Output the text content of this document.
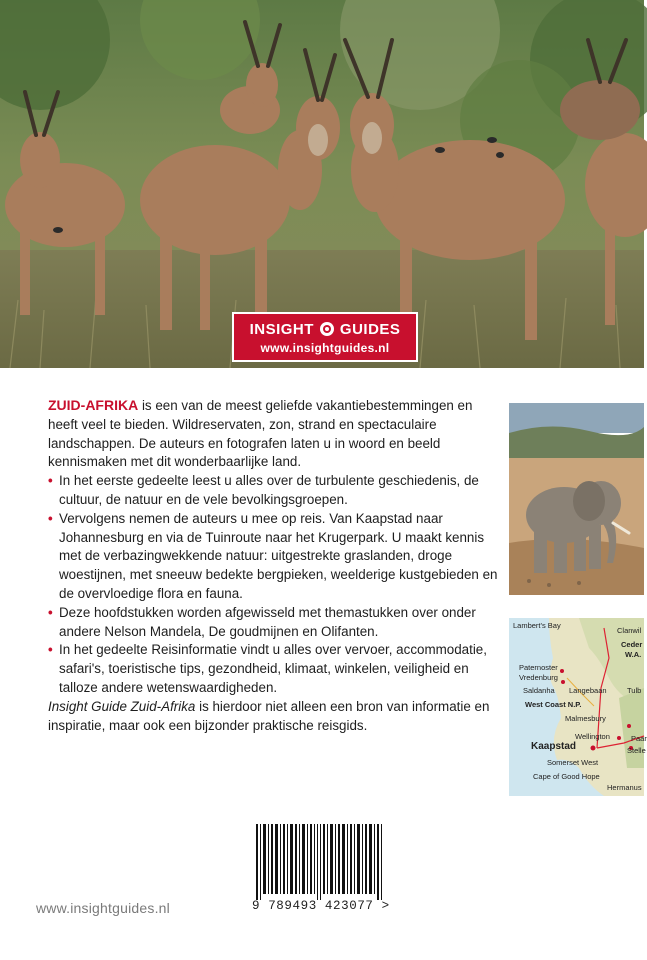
INSIGHT GUIDES
www.insightguides.nl

ZUID-AFRIKA is een van de meest geliefde vakantiebestemmingen en heeft veel te bieden. Wildreservaten, zon, strand en spectaculaire landschappen. De auteurs en fotografen laten u in woord en beeld kennismaken met dit wonderbaarlijke land.

• In het eerste gedeelte leest u alles over de turbulente geschiedenis, de cultuur, de natuur en de vele bevolkingsgroepen.
• Vervolgens nemen de auteurs u mee op reis. Van Kaapstad naar Johannesburg en via de Tuinroute naar het Krugerpark. U maakt kennis met de verbazingwekkende natuur: uitgestrekte graslanden, droge woestijnen, met sneeuw bedekte bergpieken, weelderige kustgebieden en de overvloedige flora en fauna.
• Deze hoofdstukken worden afgewisseld met themastukken over onder andere Nelson Mandela, De goudmijnen en Olifanten.
• In het gedeelte Reisinformatie vindt u alles over vervoer, accommodatie, safari's, toeristische tips, gezondheid, klimaat, winkelen, veiligheid en talloze andere wetenswaardigheden.

Insight Guide Zuid-Afrika is hierdoor niet alleen een bron van informatie en inspiratie, maar ook een bijzonder praktische reisgids.

Lambert's Bay
Clanwil
Ceder
W.A.
Paternoster
Vredenburg
Saldanha Langebaan	Tulb
West Coast N.P.
Malmesbury
Wellington	Paar
Kaapstad	Stelle
Somerset West
Cape of Good Hope
Hermanus
9 789493 423077 >
www.insightguides.nl
